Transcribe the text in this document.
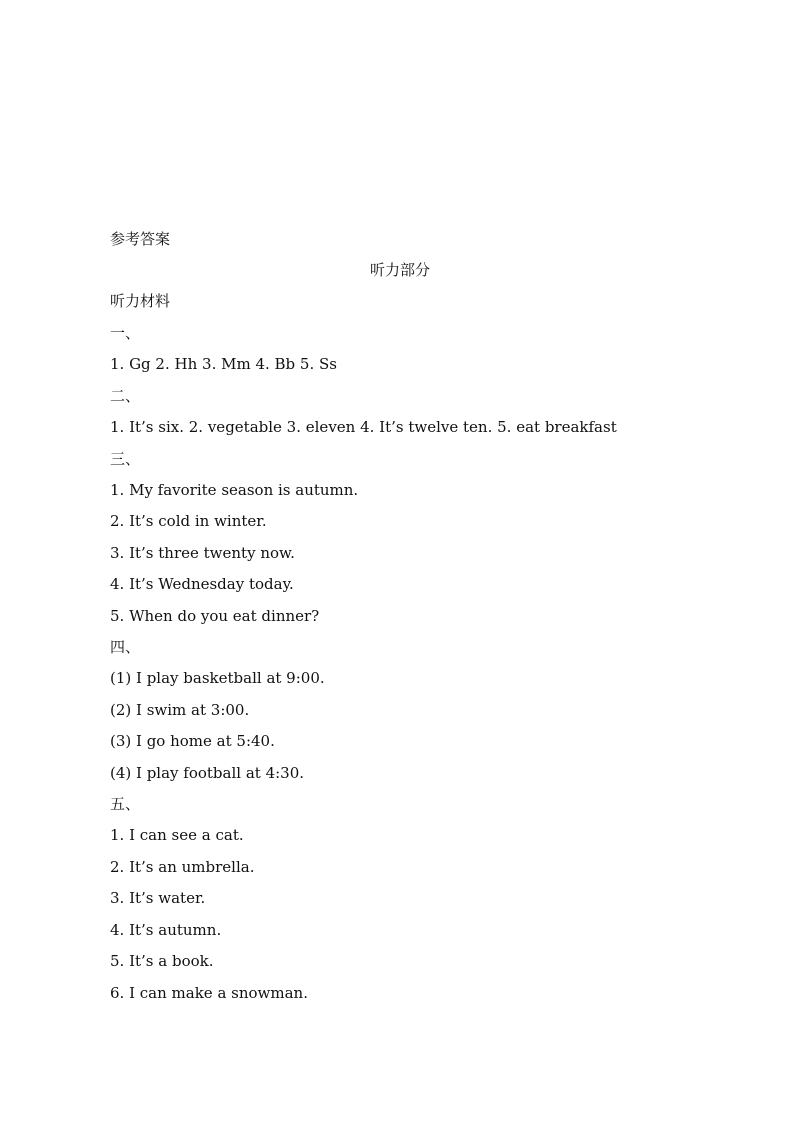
参考答案
听力部分
听力材料
一、
1. Gg 2. Hh 3. Mm 4. Bb 5. Ss
二、
1. It’s six. 2. vegetable 3. eleven 4. It’s twelve ten. 5. eat breakfast
三、
1. My favorite season is autumn.
2. It’s cold in winter.
3. It’s three twenty now.
4. It’s Wednesday today.
5. When do you eat dinner?
四、
(1) I play basketball at 9:00.
(2) I swim at 3:00.
(3) I go home at 5:40.
(4) I play football at 4:30.
五、
1. I can see a cat.
2. It’s an umbrella.
3. It’s water.
4. It’s autumn.
5. It’s a book.
6. I can make a snowman.
